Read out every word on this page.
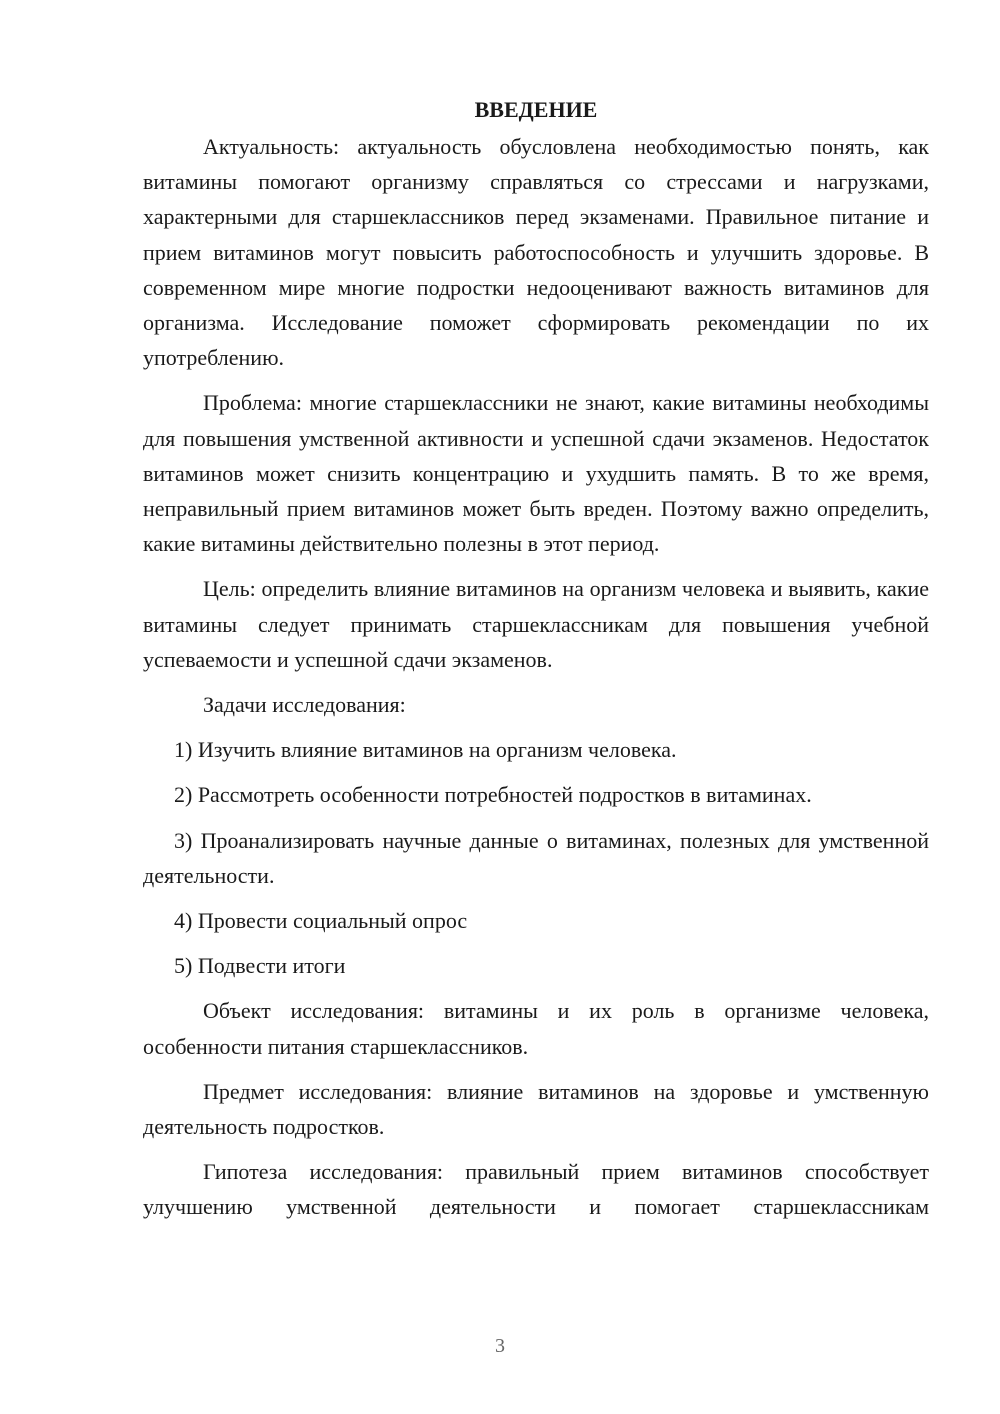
ВВЕДЕНИЕ

Актуальность: актуальность обусловлена необходимостью понять, как витамины помогают организму справляться со стрессами и нагрузками, характерными для старшеклассников перед экзаменами. Правильное питание и прием витаминов могут повысить работоспособность и улучшить здоровье. В современном мире многие подростки недооценивают важность витаминов для организма. Исследование поможет сформировать рекомендации по их употреблению.

Проблема: многие старшеклассники не знают, какие витамины необходимы для повышения умственной активности и успешной сдачи экзаменов. Недостаток витаминов может снизить концентрацию и ухудшить память. В то же время, неправильный прием витаминов может быть вреден. Поэтому важно определить, какие витамины действительно полезны в этот период.

Цель: определить влияние витаминов на организм человека и выявить, какие витамины следует принимать старшеклассникам для повышения учебной успеваемости и успешной сдачи экзаменов.

Задачи исследования:

1) Изучить влияние витаминов на организм человека.

2) Рассмотреть особенности потребностей подростков в витаминах.

3) Проанализировать научные данные о витаминах, полезных для умственной деятельности.

4) Провести социальный опрос

5) Подвести итоги

Объект исследования: витамины и их роль в организме человека, особенности питания старшеклассников.

Предмет исследования: влияние витаминов на здоровье и умственную деятельность подростков.

Гипотеза исследования: правильный прием витаминов способствует улучшению умственной деятельности и помогает старшеклассникам

3
